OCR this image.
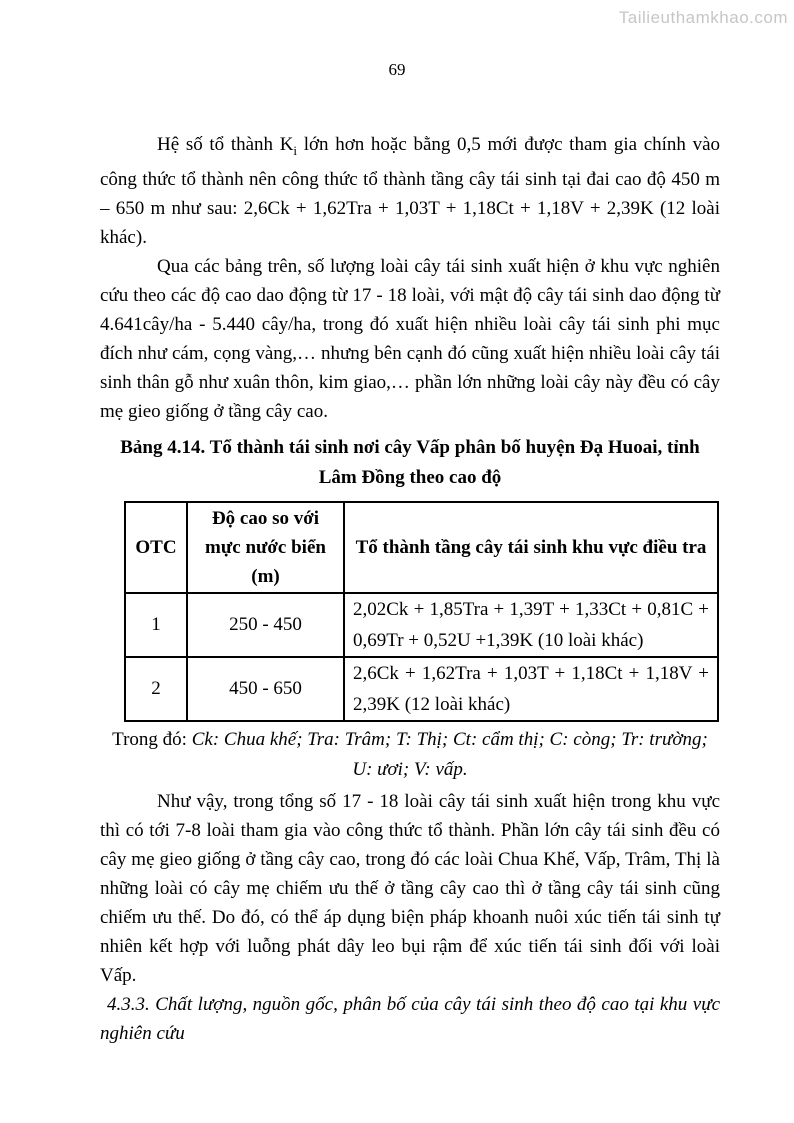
Tailieuthamkhao.com
69

Hệ số tổ thành $K_i$ lớn hơn hoặc bằng 0,5 mới được tham gia chính vào công thức tổ thành nên công thức tổ thành tầng cây tái sinh tại đai cao độ 450 m – 650 m như sau: 2,6Ck + 1,62Tra + 1,03T + 1,18Ct + 1,18V + 2,39K (12 loài khác).

Qua các bảng trên, số lượng loài cây tái sinh xuất hiện ở khu vực nghiên cứu theo các độ cao dao động từ 17 - 18 loài, với mật độ cây tái sinh dao động từ 4.641cây/ha - 5.440 cây/ha, trong đó xuất hiện nhiều loài cây tái sinh phi mục đích như cám, cọng vàng,… nhưng bên cạnh đó cũng xuất hiện nhiều loài cây tái sinh thân gỗ như xuân thôn, kim giao,… phần lớn những loài cây này đều có cây mẹ gieo giống ở tầng cây cao.

Bảng 4.14. Tổ thành tái sinh nơi cây Vấp phân bố huyện Đạ Huoai, tỉnh Lâm Đồng theo cao độ

OTC	Độ cao so với mực nước biển (m)	Tổ thành tầng cây tái sinh khu vực điều tra
1	250 - 450	2,02Ck + 1,85Tra + 1,39T + 1,33Ct + 0,81C + 0,69Tr + 0,52U +1,39K (10 loài khác)
2	450 - 650	2,6Ck + 1,62Tra + 1,03T + 1,18Ct + 1,18V + 2,39K (12 loài khác)

Trong đó: Ck: Chua khế; Tra: Trâm; T: Thị; Ct: cẩm thị; C: còng; Tr: trường; U: ươi; V: vấp.

Như vậy, trong tổng số 17 - 18 loài cây tái sinh xuất hiện trong khu vực thì có tới 7-8 loài tham gia vào công thức tổ thành. Phần lớn cây tái sinh đều có cây mẹ gieo giống ở tầng cây cao, trong đó các loài Chua Khế, Vấp, Trâm, Thị là những loài có cây mẹ chiếm ưu thế ở tầng cây cao thì ở tầng cây tái sinh cũng chiếm ưu thế. Do đó, có thể áp dụng biện pháp khoanh nuôi xúc tiến tái sinh tự nhiên kết hợp với luỗng phát dây leo bụi rậm để xúc tiến tái sinh đối với loài Vấp.

4.3.3. Chất lượng, nguồn gốc, phân bố của cây tái sinh theo độ cao tại khu vực nghiên cứu
